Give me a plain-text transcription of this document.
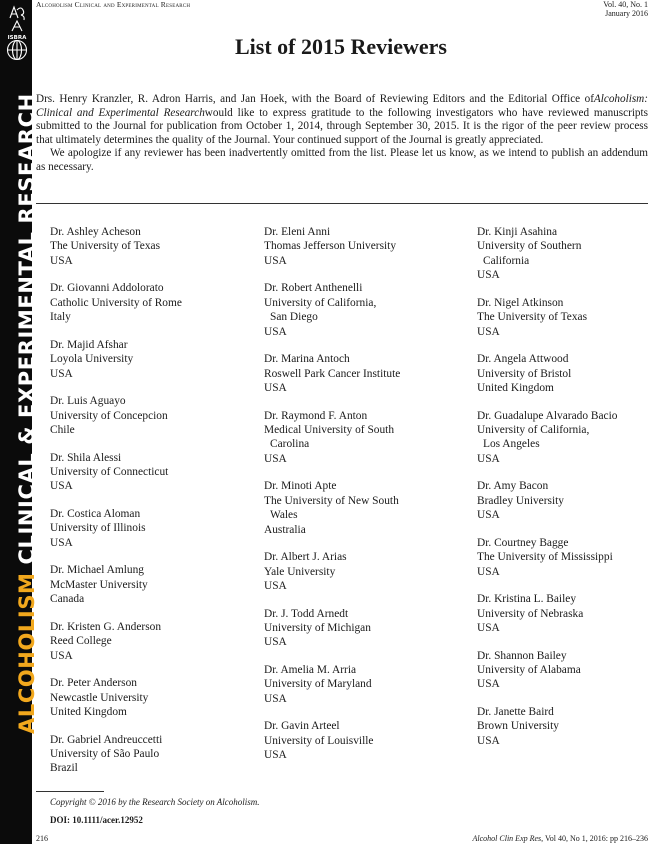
ISBRA
ALCOHOLISM CLINICAL & EXPERIMENTAL RESEARCH
Alcoholism Clinical and Experimental Research	Vol. 40, No. 1
January 2016
List of 2015 Reviewers

Drs. Henry Kranzler, R. Adron Harris, and Jan Hoek, with the Board of Reviewing Editors and the Editorial Office ofAlcoholism: Clinical and Experimental Researchwould like to express gratitude to the following investigators who have reviewed manuscripts submitted to the Journal for publication from October 1, 2014, through September 30, 2015. It is the rigor of the peer review process that ultimately determines the quality of the Journal. Your continued support of the Journal is greatly appreciated.

We apologize if any reviewer has been inadvertently omitted from the list. Please let us know, as we intend to publish an addendum as necessary.

Dr. Ashley Acheson
The University of Texas
USA
Dr. Giovanni Addolorato
Catholic University of Rome
Italy
Dr. Majid Afshar
Loyola University
USA
Dr. Luis Aguayo
University of Concepcion
Chile
Dr. Shila Alessi
University of Connecticut
USA
Dr. Costica Aloman
University of Illinois
USA
Dr. Michael Amlung
McMaster University
Canada
Dr. Kristen G. Anderson
Reed College
USA
Dr. Peter Anderson
Newcastle University
United Kingdom
Dr. Gabriel Andreuccetti
University of São Paulo
Brazil
Dr. Eleni Anni
Thomas Jefferson University
USA
Dr. Robert Anthenelli
University of California,
San Diego
USA
Dr. Marina Antoch
Roswell Park Cancer Institute
USA
Dr. Raymond F. Anton
Medical University of South
Carolina
USA
Dr. Minoti Apte
The University of New South
Wales
Australia
Dr. Albert J. Arias
Yale University
USA
Dr. J. Todd Arnedt
University of Michigan
USA
Dr. Amelia M. Arria
University of Maryland
USA
Dr. Gavin Arteel
University of Louisville
USA
Dr. Kinji Asahina
University of Southern
California
USA
Dr. Nigel Atkinson
The University of Texas
USA
Dr. Angela Attwood
University of Bristol
United Kingdom
Dr. Guadalupe Alvarado Bacio
University of California,
Los Angeles
USA
Dr. Amy Bacon
Bradley University
USA
Dr. Courtney Bagge
The University of Mississippi
USA
Dr. Kristina L. Bailey
University of Nebraska
USA
Dr. Shannon Bailey
University of Alabama
USA
Dr. Janette Baird
Brown University
USA
Copyright © 2016 by the Research Society on Alcoholism.
DOI: 10.1111/acer.12952
216	Alcohol Clin Exp Res, Vol 40, No 1, 2016: pp 216–236
